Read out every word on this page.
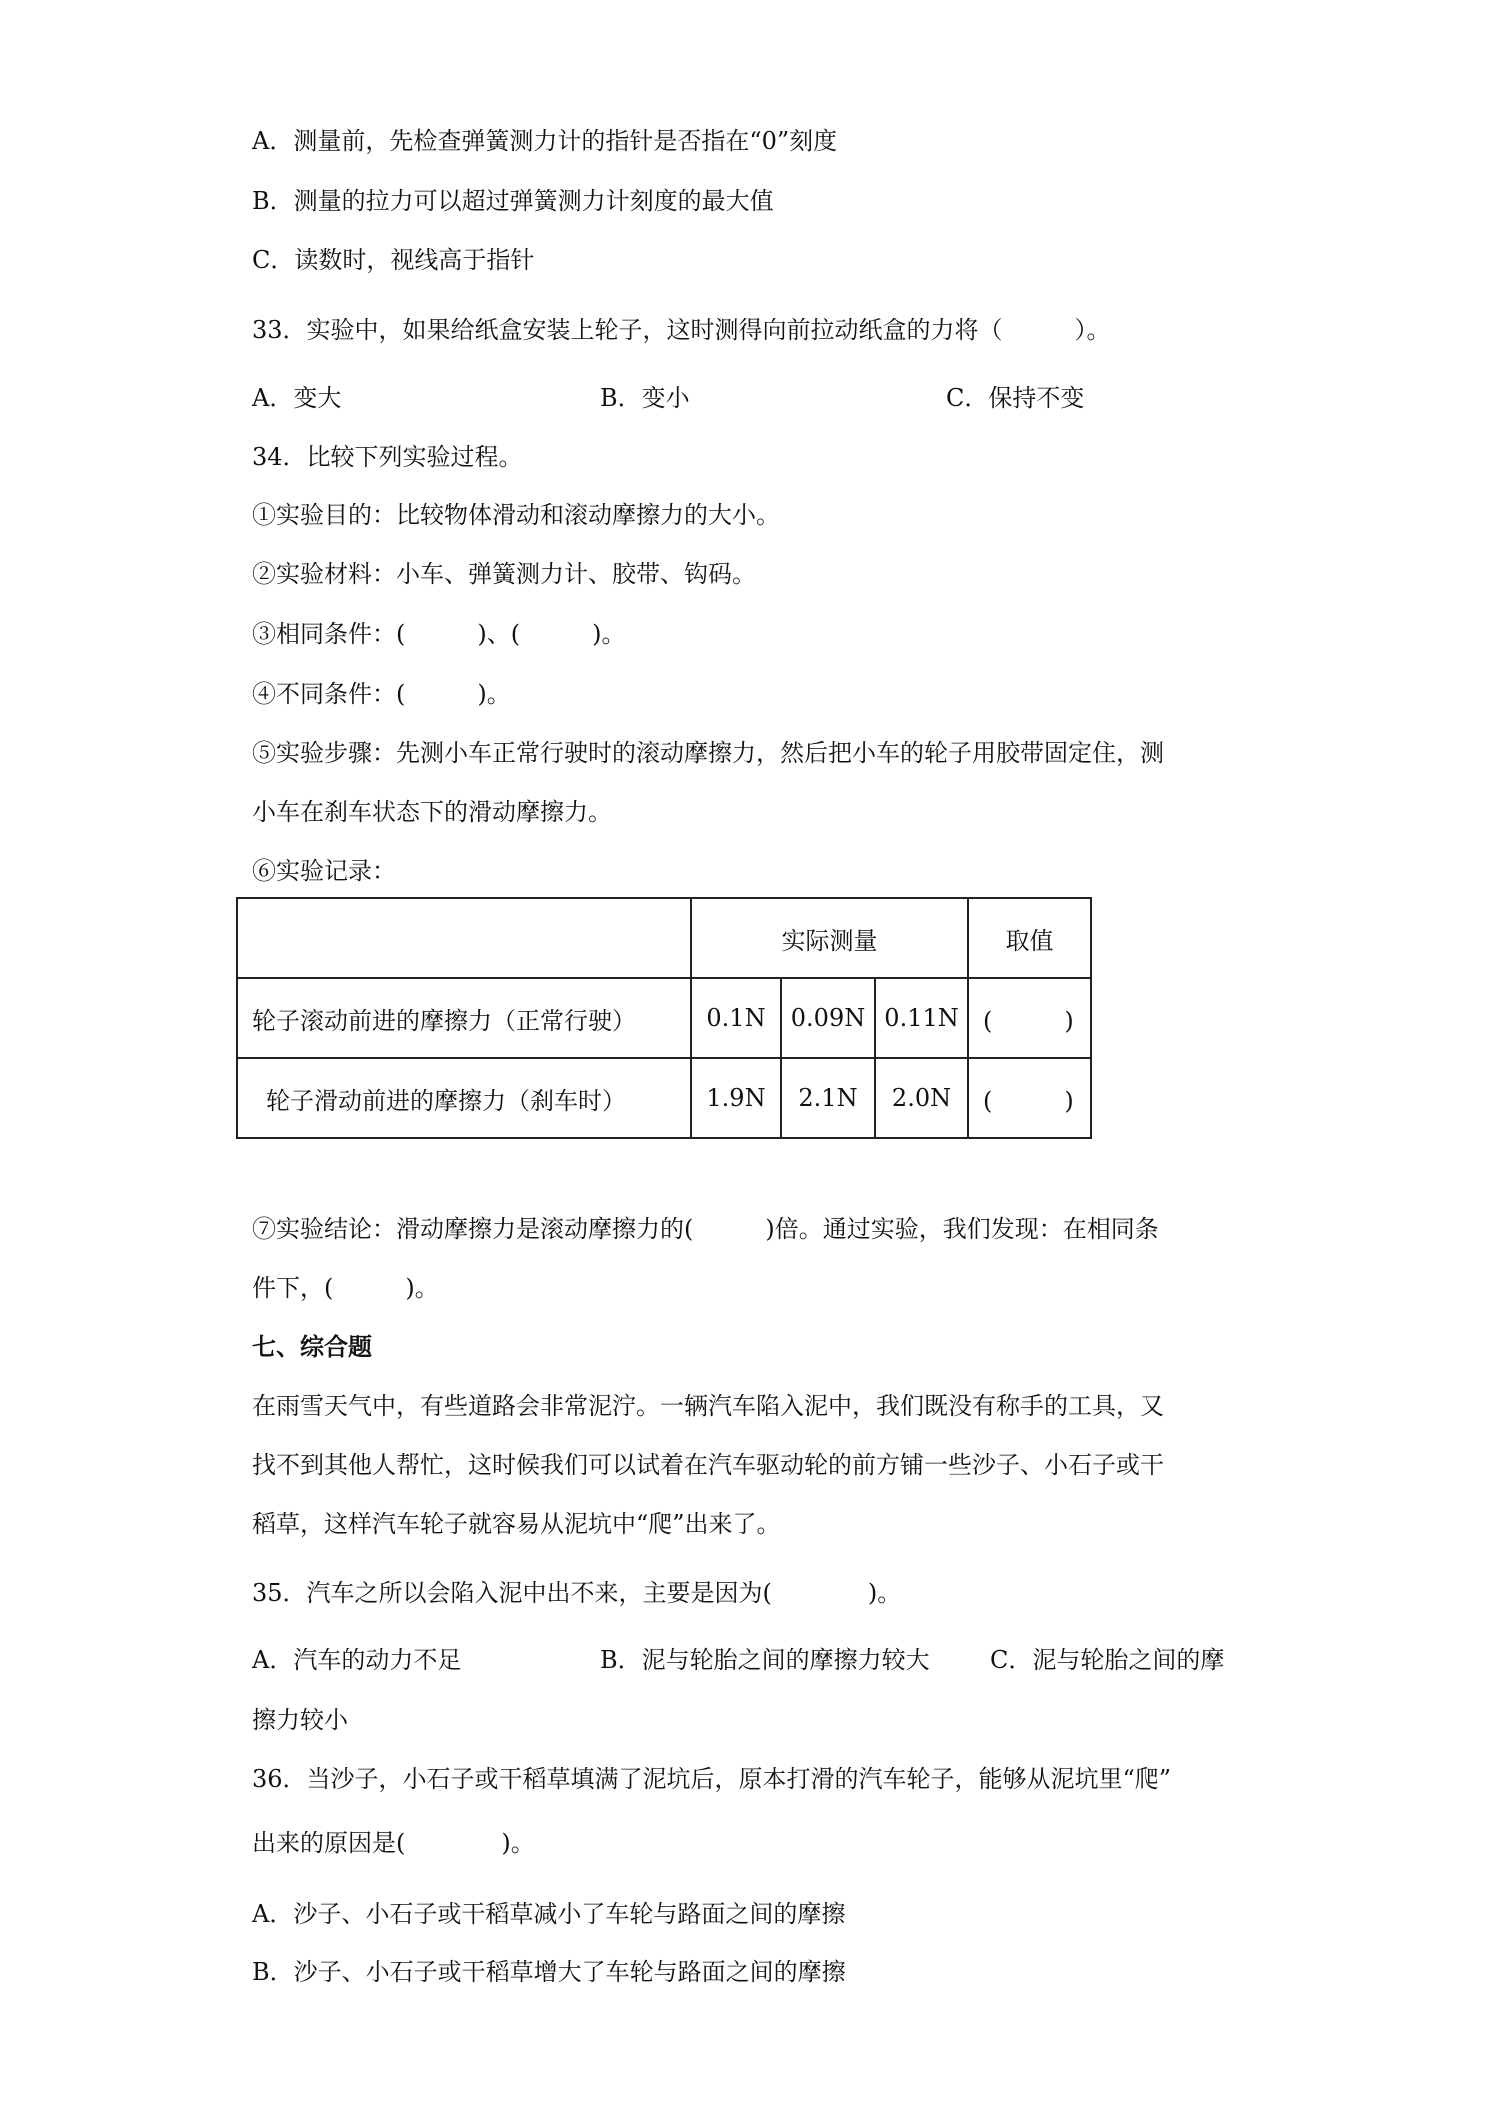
A．测量前，先检查弹簧测力计的指针是否指在“0”刻度
B．测量的拉力可以超过弹簧测力计刻度的最大值
C．读数时，视线高于指针
33．实验中，如果给纸盒安装上轮子，这时测得向前拉动纸盒的力将（　　　）。
A．变大	B．变小	C．保持不变
34．比较下列实验过程。
①实验目的：比较物体滑动和滚动摩擦力的大小。
②实验材料：小车、弹簧测力计、胶带、钩码。
③相同条件：(　　　)、(　　　)。
④不同条件：(　　　)。
⑤实验步骤：先测小车正常行驶时的滚动摩擦力，然后把小车的轮子用胶带固定住，测
小车在刹车状态下的滑动摩擦力。
⑥实验记录：
	实际测量			取值
轮子滚动前进的摩擦力（正常行驶）	0.1N	0.09N	0.11N	(　　　)
轮子滑动前进的摩擦力（刹车时）	1.9N	2.1N	2.0N	(　　　)
⑦实验结论：滑动摩擦力是滚动摩擦力的(　　　)倍。通过实验，我们发现：在相同条
件下，(　　　)。
七、综合题
在雨雪天气中，有些道路会非常泥泞。一辆汽车陷入泥中，我们既没有称手的工具，又
找不到其他人帮忙，这时候我们可以试着在汽车驱动轮的前方铺一些沙子、小石子或干
稻草，这样汽车轮子就容易从泥坑中“爬”出来了。
35．汽车之所以会陷入泥中出不来，主要是因为(　　　　)。
A．汽车的动力不足	B．泥与轮胎之间的摩擦力较大	C．泥与轮胎之间的摩
擦力较小
36．当沙子，小石子或干稻草填满了泥坑后，原本打滑的汽车轮子，能够从泥坑里“爬”
出来的原因是(　　　　)。
A．沙子、小石子或干稻草减小了车轮与路面之间的摩擦
B．沙子、小石子或干稻草增大了车轮与路面之间的摩擦
